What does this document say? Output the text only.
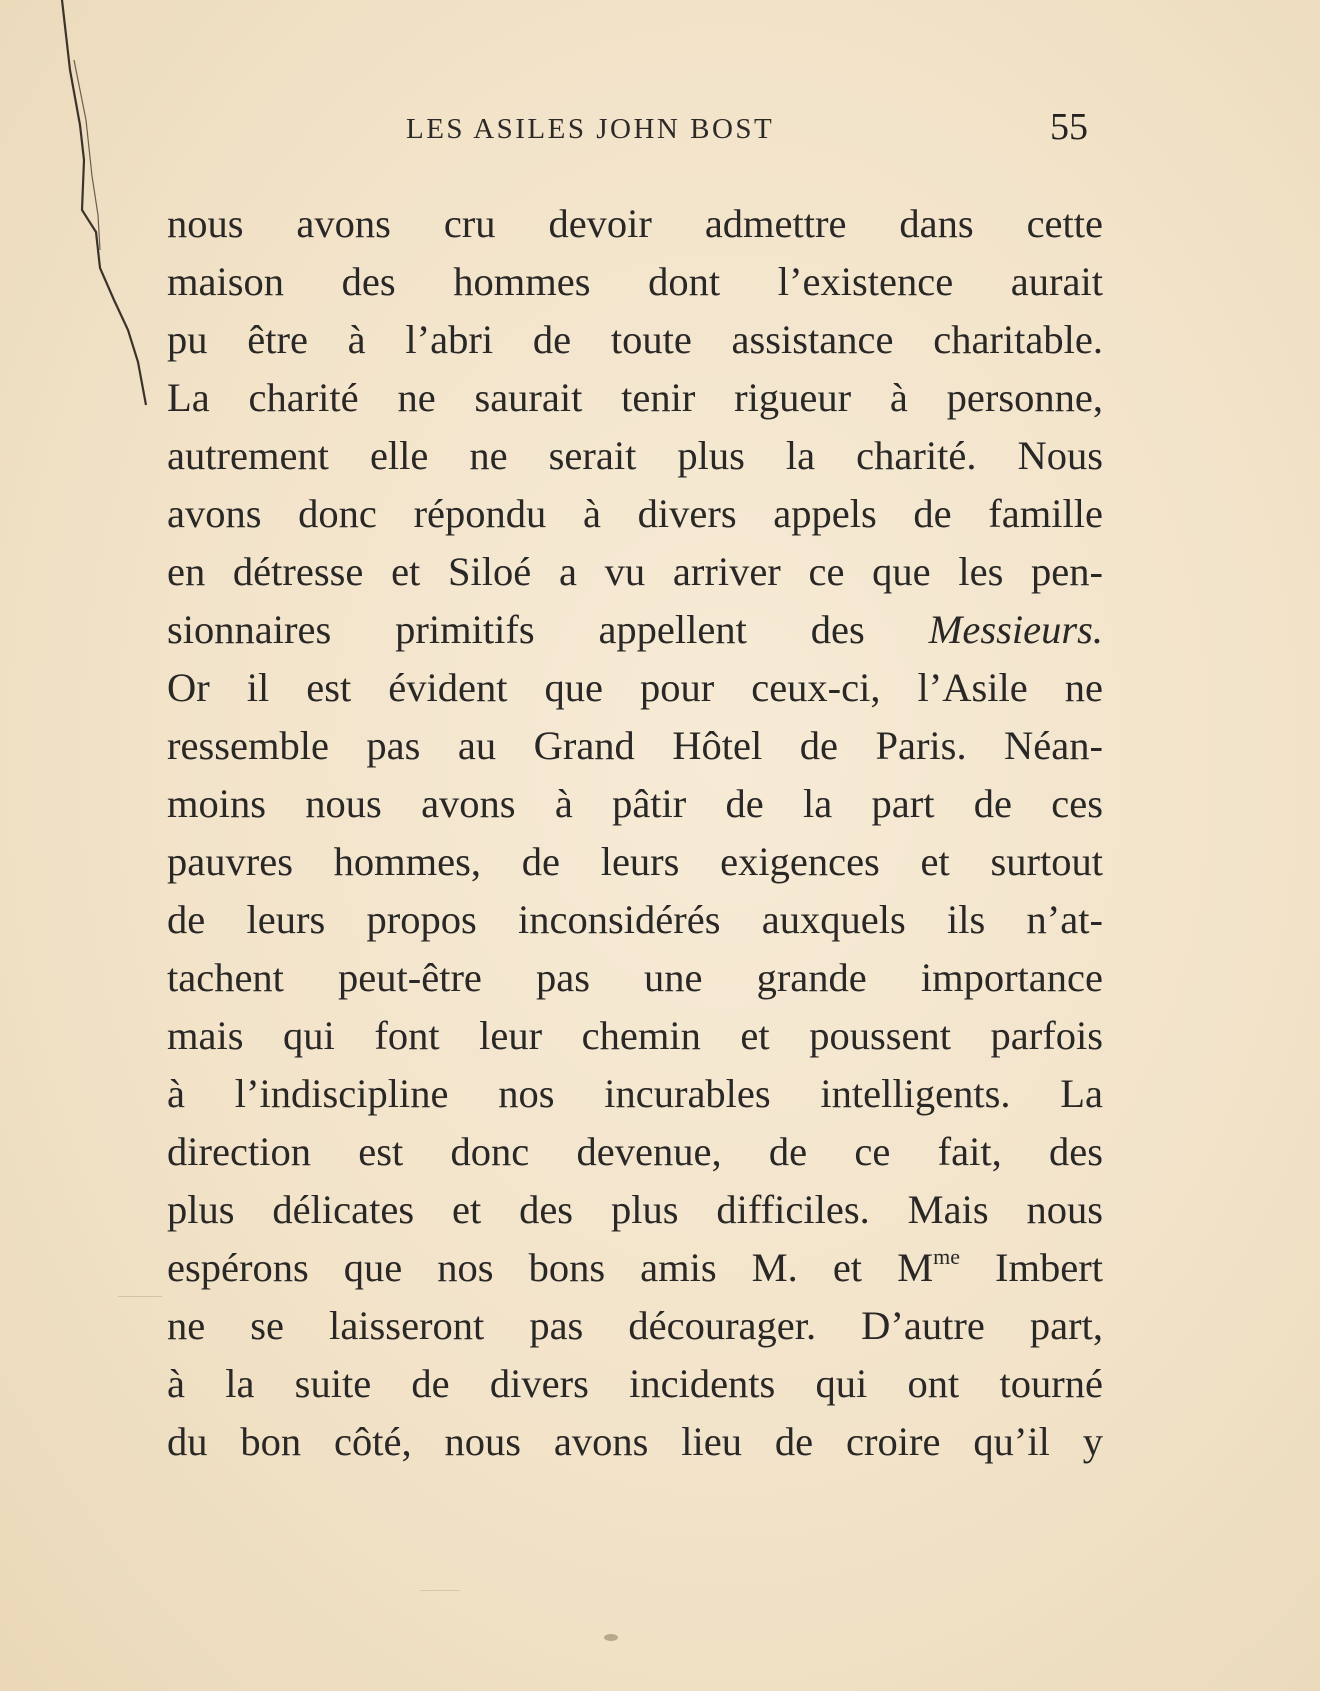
LES ASILES JOHN BOST	55
nous avons cru devoir admettre dans cette
maison des hommes dont l’existence aurait
pu être à l’abri de toute assistance charitable.
La charité ne saurait tenir rigueur à personne,
autrement elle ne serait plus la charité. Nous
avons donc répondu à divers appels de famille
en détresse et Siloé a vu arriver ce que les pen-
sionnaires primitifs appellent des Messieurs.
Or il est évident que pour ceux-ci, l’Asile ne
ressemble pas au Grand Hôtel de Paris. Néan-
moins nous avons à pâtir de la part de ces
pauvres hommes, de leurs exigences et surtout
de leurs propos inconsidérés auxquels ils n’at-
tachent peut-être pas une grande importance
mais qui font leur chemin et poussent parfois
à l’indiscipline nos incurables intelligents. La
direction est donc devenue, de ce fait, des
plus délicates et des plus difficiles. Mais nous
espérons que nos bons amis M. et $M^{me}$ Imbert
ne se laisseront pas décourager. D’autre part,
à la suite de divers incidents qui ont tourné
du bon côté, nous avons lieu de croire qu’il y
